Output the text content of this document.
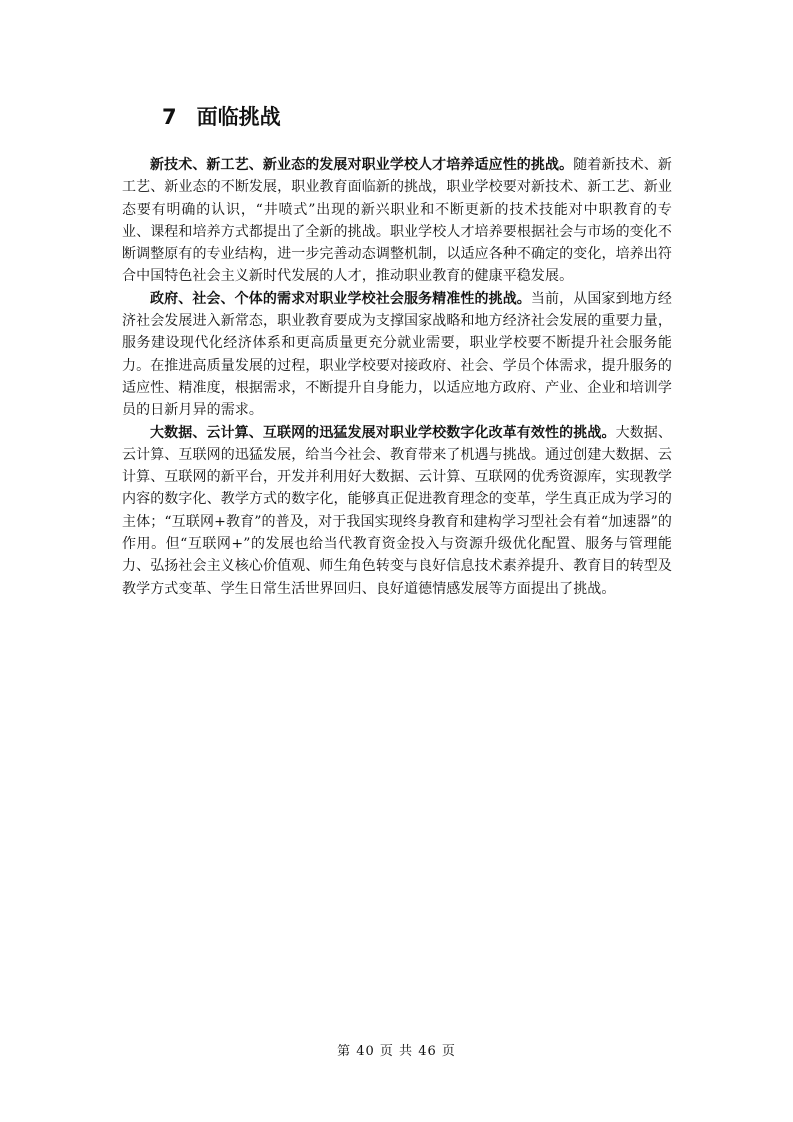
7 面临挑战

新技术、新工艺、新业态的发展对职业学校人才培养适应性的挑战。随着新技术、新工艺、新业态的不断发展，职业教育面临新的挑战，职业学校要对新技术、新工艺、新业态要有明确的认识，“井喷式”出现的新兴职业和不断更新的技术技能对中职教育的专业、课程和培养方式都提出了全新的挑战。职业学校人才培养要根据社会与市场的变化不断调整原有的专业结构，进一步完善动态调整机制，以适应各种不确定的变化，培养出符合中国特色社会主义新时代发展的人才，推动职业教育的健康平稳发展。

政府、社会、个体的需求对职业学校社会服务精准性的挑战。当前，从国家到地方经济社会发展进入新常态，职业教育要成为支撑国家战略和地方经济社会发展的重要力量，服务建设现代化经济体系和更高质量更充分就业需要，职业学校要不断提升社会服务能力。在推进高质量发展的过程，职业学校要对接政府、社会、学员个体需求，提升服务的适应性、精准度，根据需求，不断提升自身能力，以适应地方政府、产业、企业和培训学员的日新月异的需求。

大数据、云计算、互联网的迅猛发展对职业学校数字化改革有效性的挑战。大数据、云计算、互联网的迅猛发展，给当今社会、教育带来了机遇与挑战。通过创建大数据、云计算、互联网的新平台，开发并利用好大数据、云计算、互联网的优秀资源库，实现教学内容的数字化、教学方式的数字化，能够真正促进教育理念的变革，学生真正成为学习的主体；“互联网+教育”的普及，对于我国实现终身教育和建构学习型社会有着“加速器”的作用。但“互联网+”的发展也给当代教育资金投入与资源升级优化配置、服务与管理能力、弘扬社会主义核心价值观、师生角色转变与良好信息技术素养提升、教育目的转型及教学方式变革、学生日常生活世界回归、良好道德情感发展等方面提出了挑战。

第 40 页 共 46 页
